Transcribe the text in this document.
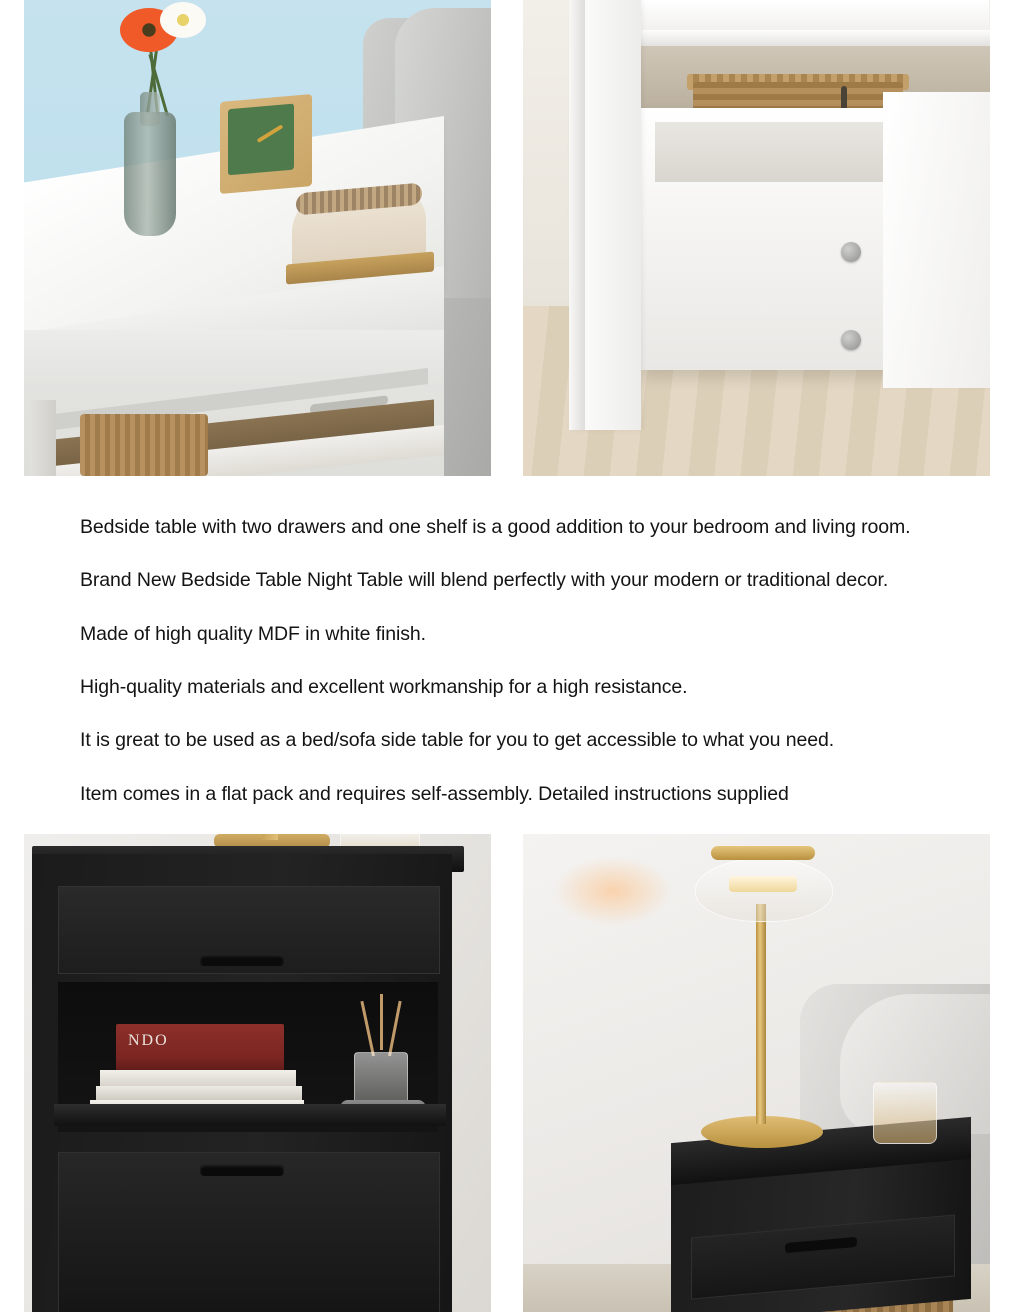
Bedside table with two drawers and one shelf is a good addition to your bedroom and living room.
Brand New Bedside Table Night Table will blend perfectly with your modern or traditional decor.
Made of high quality MDF in white finish.
High-quality materials and excellent workmanship for a high resistance.
It is great to be used as a bed/sofa side table for you to get accessible to what you need.
Item comes in a flat pack and requires self-assembly. Detailed instructions supplied
NDO
